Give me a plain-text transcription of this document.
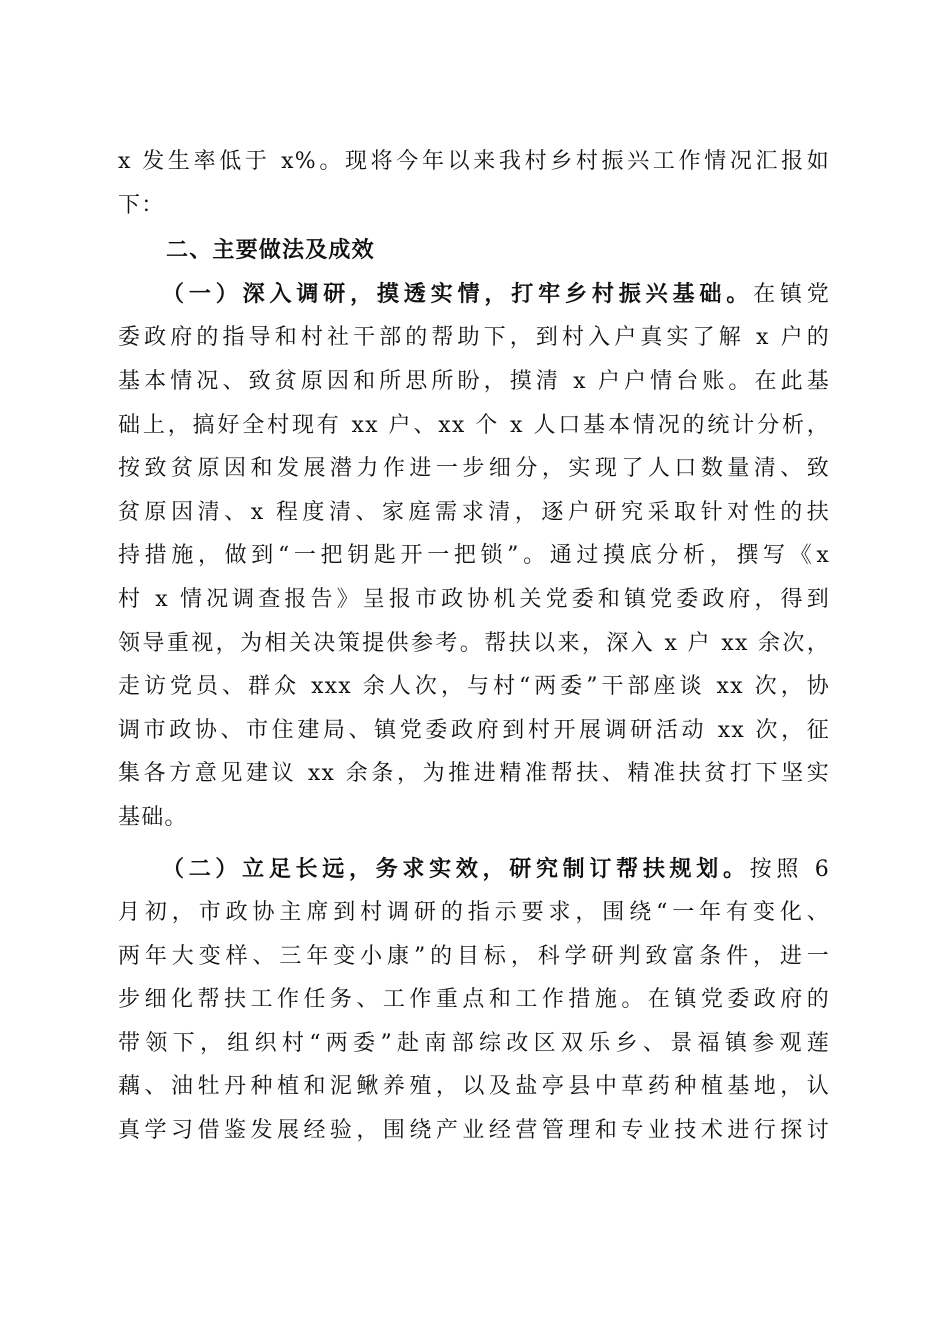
x 发生率低于 x%。现将今年以来我村乡村振兴工作情况汇报如
下：
二、主要做法及成效
（一）深入调研，摸透实情，打牢乡村振兴基础。在镇党
委政府的指导和村社干部的帮助下，到村入户真实了解 x 户的
基本情况、致贫原因和所思所盼，摸清 x 户户情台账。在此基
础上，搞好全村现有 xx 户、xx 个 x 人口基本情况的统计分析，
按致贫原因和发展潜力作进一步细分，实现了人口数量清、致
贫原因清、x 程度清、家庭需求清，逐户研究采取针对性的扶
持措施，做到“一把钥匙开一把锁”。通过摸底分析，撰写《x
村 x 情况调查报告》呈报市政协机关党委和镇党委政府，得到
领导重视，为相关决策提供参考。帮扶以来，深入 x 户 xx 余次，
走访党员、群众 xxx 余人次，与村“两委”干部座谈 xx 次，协
调市政协、市住建局、镇党委政府到村开展调研活动 xx 次，征
集各方意见建议 xx 余条，为推进精准帮扶、精准扶贫打下坚实
基础。
（二）立足长远，务求实效，研究制订帮扶规划。按照 6
月初，市政协主席到村调研的指示要求，围绕“一年有变化、
两年大变样、三年变小康”的目标，科学研判致富条件，进一
步细化帮扶工作任务、工作重点和工作措施。在镇党委政府的
带领下，组织村“两委”赴南部综改区双乐乡、景福镇参观莲
藕、油牡丹种植和泥鳅养殖，以及盐亭县中草药种植基地，认
真学习借鉴发展经验，围绕产业经营管理和专业技术进行探讨
